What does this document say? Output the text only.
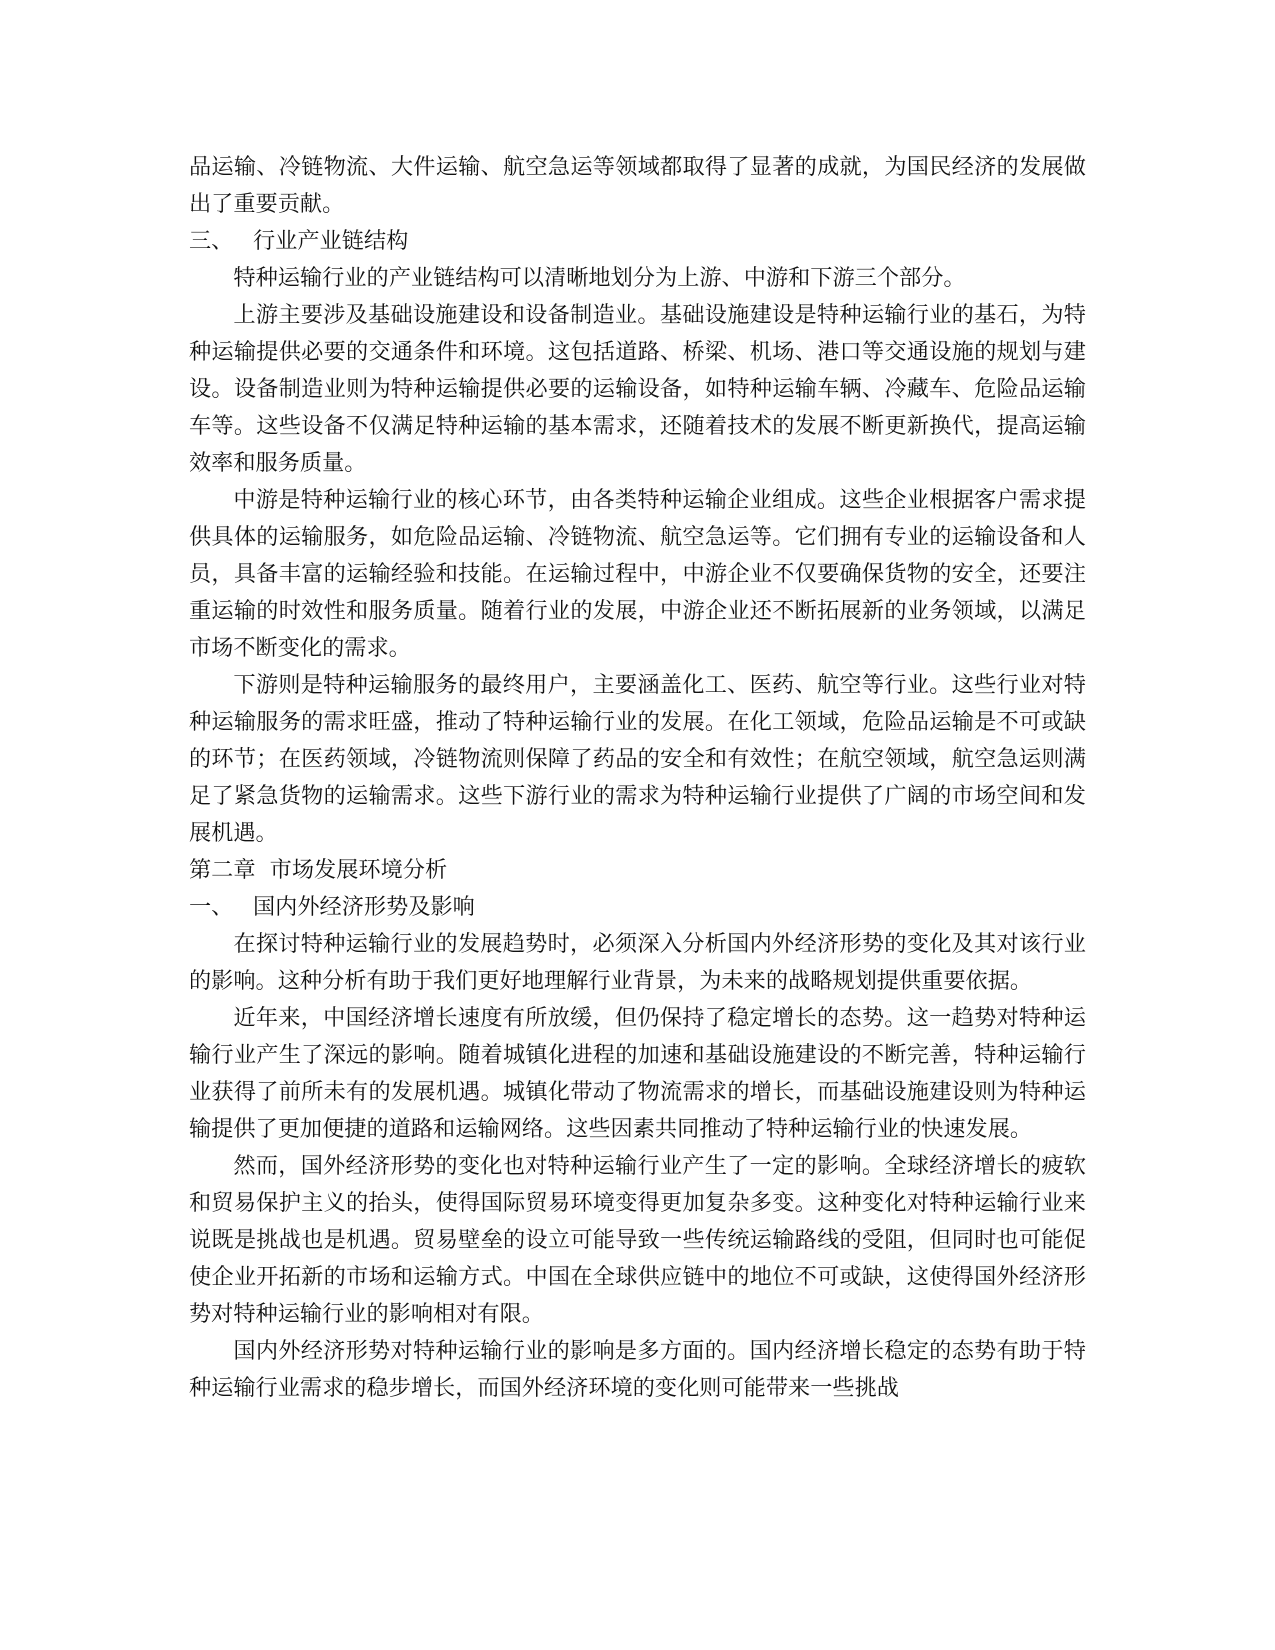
品运输、冷链物流、大件运输、航空急运等领域都取得了显著的成就，为国民经济的发展做出了重要贡献。

三、 行业产业链结构

特种运输行业的产业链结构可以清晰地划分为上游、中游和下游三个部分。

上游主要涉及基础设施建设和设备制造业。基础设施建设是特种运输行业的基石，为特种运输提供必要的交通条件和环境。这包括道路、桥梁、机场、港口等交通设施的规划与建设。设备制造业则为特种运输提供必要的运输设备，如特种运输车辆、冷藏车、危险品运输车等。这些设备不仅满足特种运输的基本需求，还随着技术的发展不断更新换代，提高运输效率和服务质量。

中游是特种运输行业的核心环节，由各类特种运输企业组成。这些企业根据客户需求提供具体的运输服务，如危险品运输、冷链物流、航空急运等。它们拥有专业的运输设备和人员，具备丰富的运输经验和技能。在运输过程中，中游企业不仅要确保货物的安全，还要注重运输的时效性和服务质量。随着行业的发展，中游企业还不断拓展新的业务领域，以满足市场不断变化的需求。

下游则是特种运输服务的最终用户，主要涵盖化工、医药、航空等行业。这些行业对特种运输服务的需求旺盛，推动了特种运输行业的发展。在化工领域，危险品运输是不可或缺的环节；在医药领域，冷链物流则保障了药品的安全和有效性；在航空领域，航空急运则满足了紧急货物的运输需求。这些下游行业的需求为特种运输行业提供了广阔的市场空间和发展机遇。

第二章  市场发展环境分析
一、 国内外经济形势及影响

在探讨特种运输行业的发展趋势时，必须深入分析国内外经济形势的变化及其对该行业的影响。这种分析有助于我们更好地理解行业背景，为未来的战略规划提供重要依据。

近年来，中国经济增长速度有所放缓，但仍保持了稳定增长的态势。这一趋势对特种运输行业产生了深远的影响。随着城镇化进程的加速和基础设施建设的不断完善，特种运输行业获得了前所未有的发展机遇。城镇化带动了物流需求的增长，而基础设施建设则为特种运输提供了更加便捷的道路和运输网络。这些因素共同推动了特种运输行业的快速发展。

然而，国外经济形势的变化也对特种运输行业产生了一定的影响。全球经济增长的疲软和贸易保护主义的抬头，使得国际贸易环境变得更加复杂多变。这种变化对特种运输行业来说既是挑战也是机遇。贸易壁垒的设立可能导致一些传统运输路线的受阻，但同时也可能促使企业开拓新的市场和运输方式。中国在全球供应链中的地位不可或缺，这使得国外经济形势对特种运输行业的影响相对有限。

国内外经济形势对特种运输行业的影响是多方面的。国内经济增长稳定的态势有助于特种运输行业需求的稳步增长，而国外经济环境的变化则可能带来一些挑战
